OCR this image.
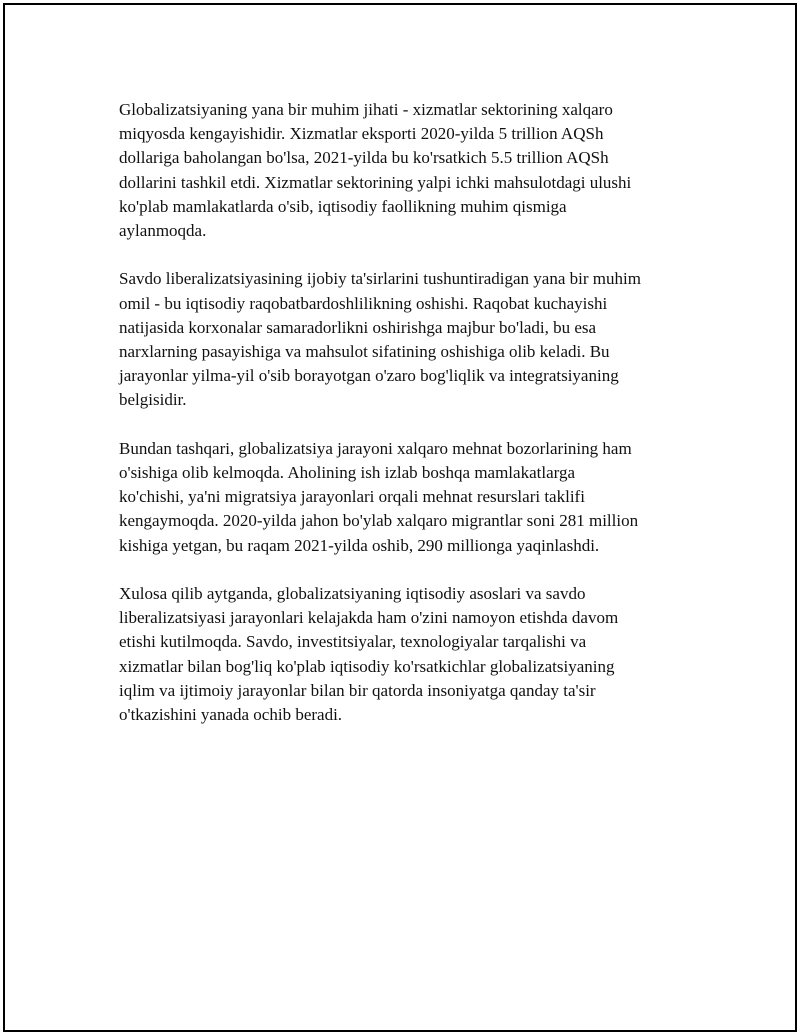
Globalizatsiyaning yana bir muhim jihati - xizmatlar sektorining xalqaro
miqyosda kengayishidir. Xizmatlar eksporti 2020-yilda 5 trillion AQSh
dollariga baholangan bo'lsa, 2021-yilda bu ko'rsatkich 5.5 trillion AQSh
dollarini tashkil etdi. Xizmatlar sektorining yalpi ichki mahsulotdagi ulushi
ko'plab mamlakatlarda o'sib, iqtisodiy faollikning muhim qismiga
aylanmoqda.

Savdo liberalizatsiyasining ijobiy ta'sirlarini tushuntiradigan yana bir muhim
omil - bu iqtisodiy raqobatbardoshlilikning oshishi. Raqobat kuchayishi
natijasida korxonalar samaradorlikni oshirishga majbur bo'ladi, bu esa
narxlarning pasayishiga va mahsulot sifatining oshishiga olib keladi. Bu
jarayonlar yilma-yil o'sib borayotgan o'zaro bog'liqlik va integratsiyaning
belgisidir.

Bundan tashqari, globalizatsiya jarayoni xalqaro mehnat bozorlarining ham
o'sishiga olib kelmoqda. Aholining ish izlab boshqa mamlakatlarga
ko'chishi, ya'ni migratsiya jarayonlari orqali mehnat resurslari taklifi
kengaymoqda. 2020-yilda jahon bo'ylab xalqaro migrantlar soni 281 million
kishiga yetgan, bu raqam 2021-yilda oshib, 290 millionga yaqinlashdi.

Xulosa qilib aytganda, globalizatsiyaning iqtisodiy asoslari va savdo
liberalizatsiyasi jarayonlari kelajakda ham o'zini namoyon etishda davom
etishi kutilmoqda. Savdo, investitsiyalar, texnologiyalar tarqalishi va
xizmatlar bilan bog'liq ko'plab iqtisodiy ko'rsatkichlar globalizatsiyaning
iqlim va ijtimoiy jarayonlar bilan bir qatorda insoniyatga qanday ta'sir
o'tkazishini yanada ochib beradi.
